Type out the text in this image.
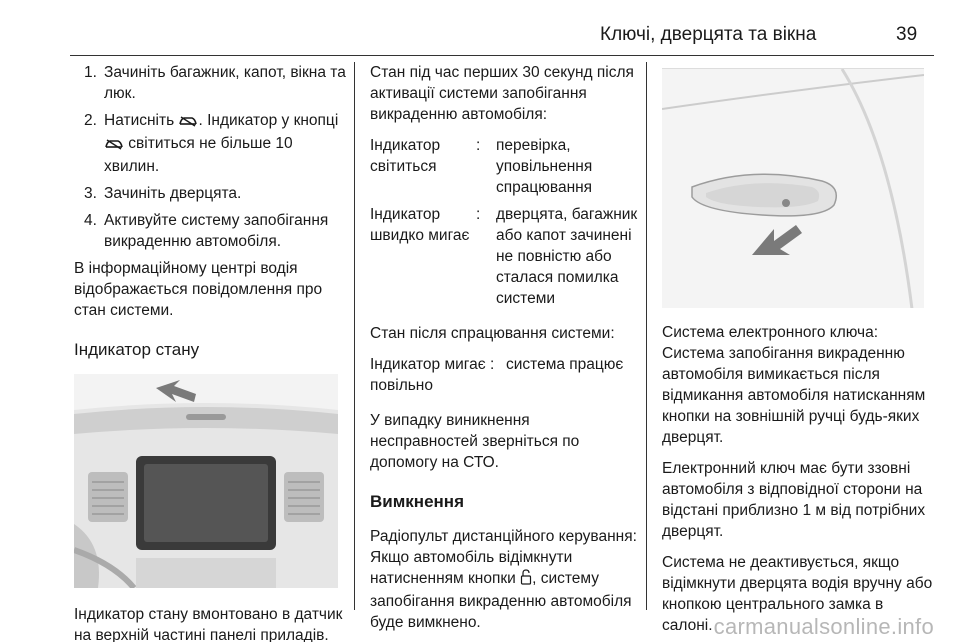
Ключі, дверцята та вікна	39
1. Зачиніть багажник, капот, вікна та люк.
2. Натисніть . Індикатор у кнопці  світиться не більше 10 хвилин.
3. Зачиніть дверцята.
4. Активуйте систему запобігання викраденню автомобіля.

В інформаційному центрі водія відображається повідомлення про стан системи.

Індикатор стану

Індикатор стану вмонтовано в датчик на верхній частині панелі приладів.

Стан під час перших 30 секунд після активації системи запобігання викраденню автомобіля:

Індикатор світиться
:	перевірка, уповільнення спрацювання
Індикатор швидко мигає
:	дверцята, багажник або капот зачинені не повністю або сталася помилка системи

Стан після спрацювання системи:

Індикатор мигає повільно
: система працює

У випадку виникнення несправностей зверніться по допомогу на СТО.

Вимкнення

Радіопульт дистанційного керування: Якщо автомобіль відімкнути натисненням кнопки , систему запобігання викраденню автомобіля буде вимкнено.

Система електронного ключа: Система запобігання викраденню автомобіля вимикається після відмикання автомобіля натисканням кнопки на зовнішній ручці будь-яких дверцят.

Електронний ключ має бути ззовні автомобіля з відповідної сторони на відстані приблизно 1 м від потрібних дверцят.

Система не деактивується, якщо відімкнути дверцята водія вручну або кнопкою центрального замка в салоні. carmanualsonline.info
